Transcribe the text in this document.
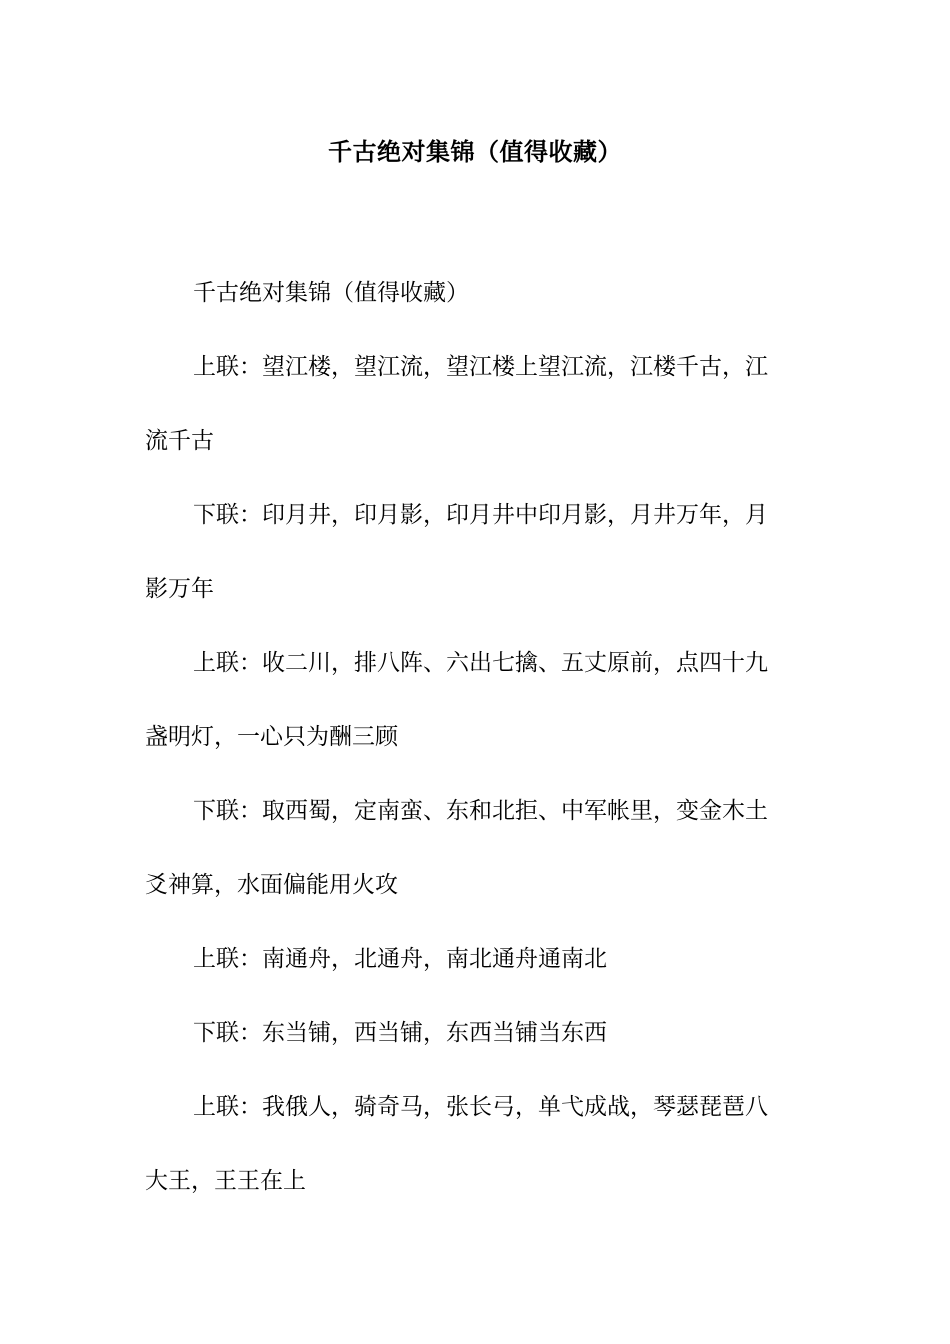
千古绝对集锦（值得收藏）
千古绝对集锦（值得收藏）
上联：望江楼，望江流，望江楼上望江流，江楼千古，江
流千古
下联：印月井，印月影，印月井中印月影，月井万年，月
影万年
上联：收二川，排八阵、六出七擒、五丈原前，点四十九
盏明灯，一心只为酬三顾
下联：取西蜀，定南蛮、东和北拒、中军帐里，变金木土
爻神算，水面偏能用火攻
上联：南通舟，北通舟，南北通舟通南北
下联：东当铺，西当铺，东西当铺当东西
上联：我俄人，骑奇马，张长弓，单弋成战，琴瑟琵琶八
大王，王王在上
